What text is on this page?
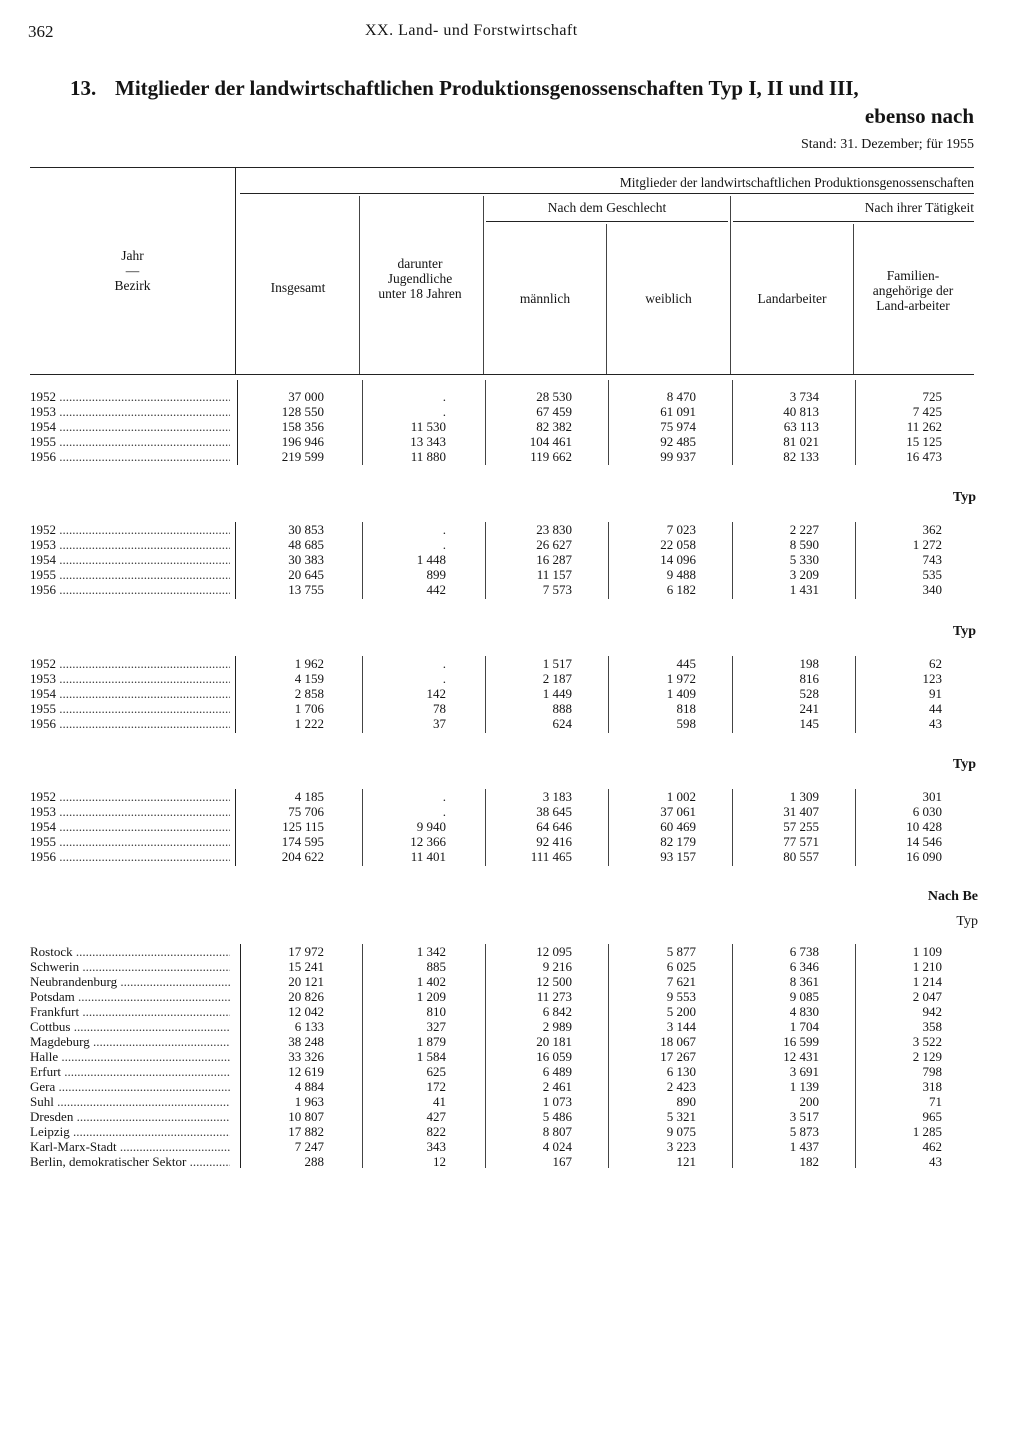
362	XX. Land- und Forstwirtschaft
13. Mitglieder der landwirtschaftlichen Produktionsgenossenschaften Typ I, II und III,
ebenso nach
Stand: 31. Dezember; für 1955
Jahr
—
Bezirk
Mitglieder der landwirtschaftlichen Produktionsgenossenschaften
Nach dem Geschlecht	Nach ihrer Tätigkeit
Insgesamt
darunter Jugendliche unter 18 Jahren	männlich	weiblich	Landarbeiter
Familien-angehörige der Land-arbeiter
1952 .....	37 000	.	28 530	8 470	3 734	725
1953 .....	128 550	.	67 459	61 091	40 813	7 425
1954 .....	158 356	11 530	82 382	75 974	63 113	11 262
1955 .....	196 946	13 343	104 461	92 485	81 021	15 125
1956 .....	219 599	11 880	119 662	99 937	82 133	16 473
Typ
1952 .....	30 853	.	23 830	7 023	2 227	362
1953 .....	48 685	.	26 627	22 058	8 590	1 272
1954 .....	30 383	1 448	16 287	14 096	5 330	743
1955 .....	20 645	899	11 157	9 488	3 209	535
1956 .....	13 755	442	7 573	6 182	1 431	340
Typ
1952 .....	1 962	.	1 517	445	198	62
1953 .....	4 159	.	2 187	1 972	816	123
1954 .....	2 858	142	1 449	1 409	528	91
1955 .....	1 706	78	888	818	241	44
1956 .....	1 222	37	624	598	145	43
Typ
1952 .....	4 185	.	3 183	1 002	1 309	301
1953 .....	75 706	.	38 645	37 061	31 407	6 030
1954 .....	125 115	9 940	64 646	60 469	57 255	10 428
1955 .....	174 595	12 366	92 416	82 179	77 571	14 546
1956 .....	204 622	11 401	111 465	93 157	80 557	16 090
Nach Be
Typ
Rostock .....	17 972	1 342	12 095	5 877	6 738	1 109
Schwerin .....	15 241	885	9 216	6 025	6 346	1 210
Neubrandenburg .....	20 121	1 402	12 500	7 621	8 361	1 214
Potsdam .....	20 826	1 209	11 273	9 553	9 085	2 047
Frankfurt .....	12 042	810	6 842	5 200	4 830	942
Cottbus .....	6 133	327	2 989	3 144	1 704	358
Magdeburg .....	38 248	1 879	20 181	18 067	16 599	3 522
Halle .....	33 326	1 584	16 059	17 267	12 431	2 129
Erfurt .....	12 619	625	6 489	6 130	3 691	798
Gera .....	4 884	172	2 461	2 423	1 139	318
Suhl .....	1 963	41	1 073	890	200	71
Dresden .....	10 807	427	5 486	5 321	3 517	965
Leipzig .....	17 882	822	8 807	9 075	5 873	1 285
Karl-Marx-Stadt .....	7 247	343	4 024	3 223	1 437	462
Berlin, demokratischer Sektor .....	288	12	167	121	182	43
